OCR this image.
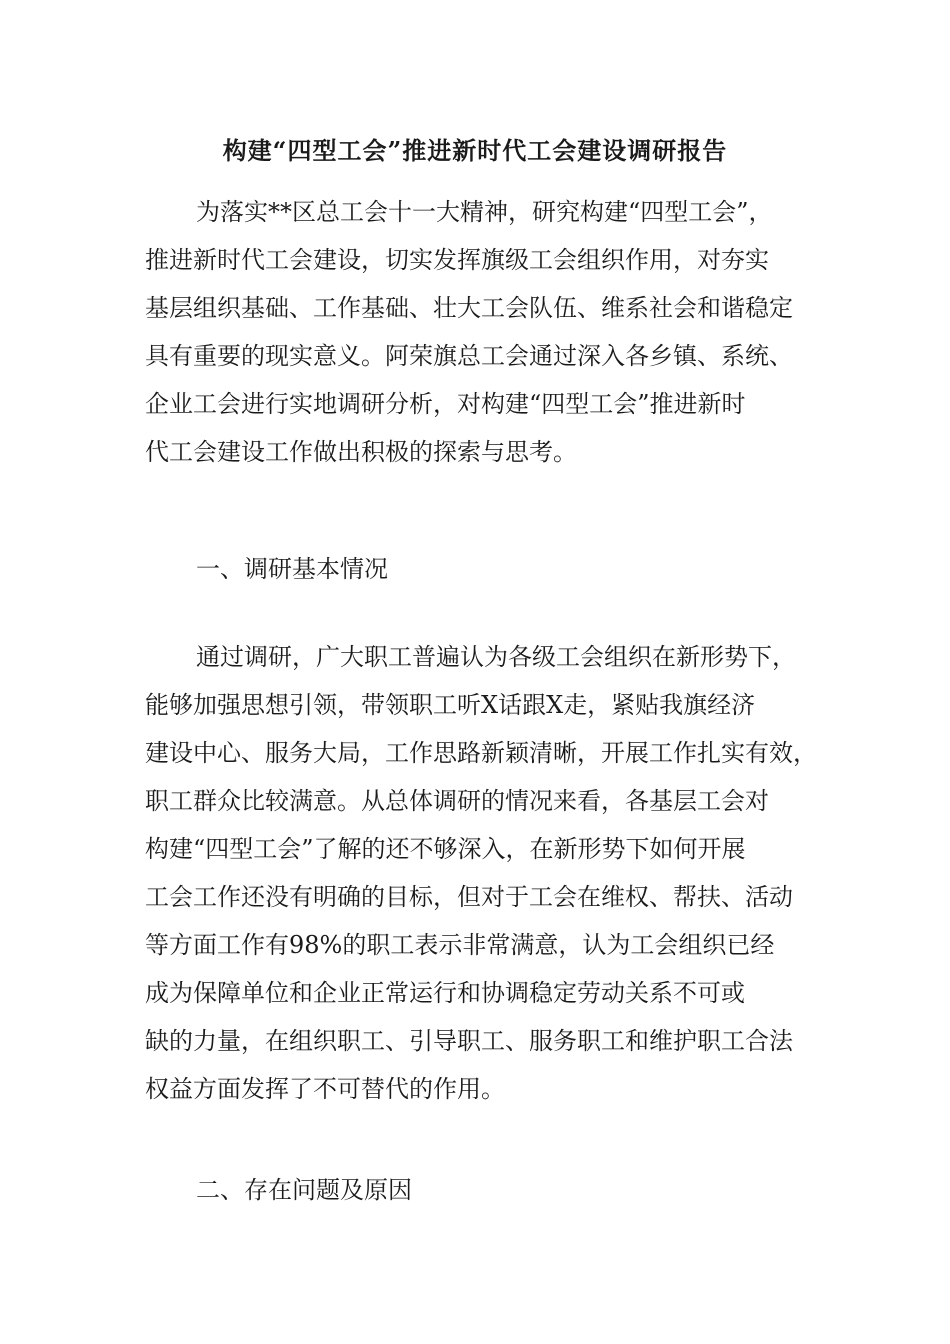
构建“四型工会”推进新时代工会建设调研报告
为落实**区总工会十一大精神，研究构建“四型工会”，
推进新时代工会建设，切实发挥旗级工会组织作用，对夯实
基层组织基础、工作基础、壮大工会队伍、维系社会和谐稳定
具有重要的现实意义。阿荣旗总工会通过深入各乡镇、系统、
企业工会进行实地调研分析，对构建“四型工会”推进新时
代工会建设工作做出积极的探索与思考。
一、调研基本情况
通过调研，广大职工普遍认为各级工会组织在新形势下，
能够加强思想引领，带领职工听X话跟X走，紧贴我旗经济
建设中心、服务大局，工作思路新颖清晰，开展工作扎实有效，
职工群众比较满意。从总体调研的情况来看，各基层工会对
构建“四型工会”了解的还不够深入，在新形势下如何开展
工会工作还没有明确的目标，但对于工会在维权、帮扶、活动
等方面工作有98%的职工表示非常满意，认为工会组织已经
成为保障单位和企业正常运行和协调稳定劳动关系不可或
缺的力量，在组织职工、引导职工、服务职工和维护职工合法
权益方面发挥了不可替代的作用。
二、存在问题及原因
